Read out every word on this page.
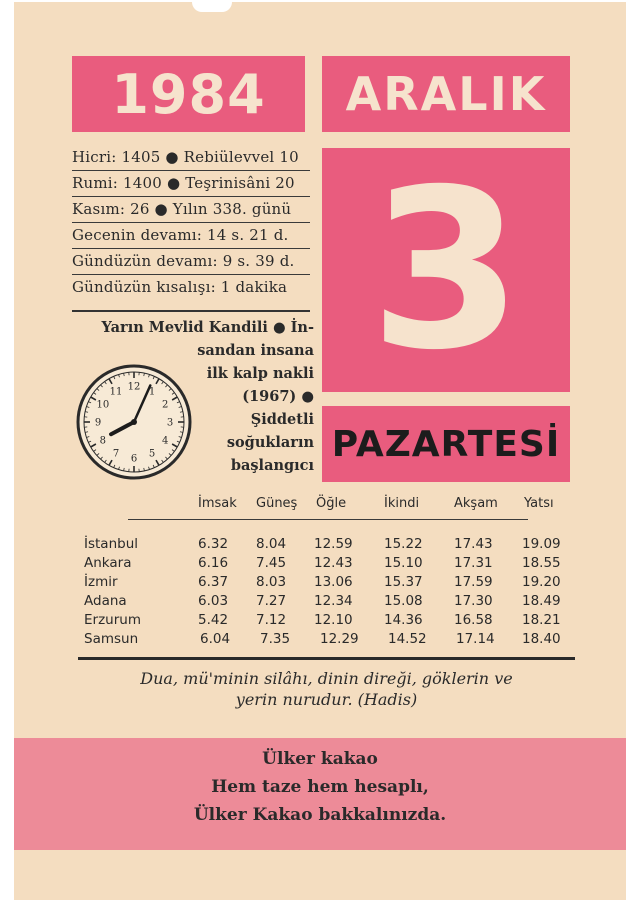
1984 ARALIK
3
PAZARTESİ
Hicri: 1405 ● Rebiülevvel 10
Rumi: 1400 ● Teşrinisâni 20
Kasım: 26 ● Yılın 338. günü
Gecenin devamı: 14 s. 21 d.
Gündüzün devamı: 9 s. 39 d.
Gündüzün kısalışı: 1 dakika
Yarın Mevlid Kandili ● İn-
sandan insana ilk kalp nakli (1967) ● Şiddetli soğukların başlangıcı
12 1
2
3
4
5
6
7
8
9
10
11
İmsak Güneş Öğle	İkindi	Akşam Yatsı
İstanbul	6.32 8.04 12.59 15.22 17.43 19.09
Ankara	6.16 7.45 12.43 15.10 17.31 18.55
İzmir	6.37 8.03 13.06 15.37 17.59 19.20
Adana	6.03 7.27 12.34 15.08 17.30 18.49
Erzurum	5.42 7.12 12.10 14.36 16.58 18.21
Samsun	6.04 7.35 12.29 14.52 17.14 18.40
Dua, mü'minin silâhı, dinin direği, göklerin ve
yerin nurudur. (Hadis)
Ülker kakao
Hem taze hem hesaplı,
Ülker Kakao bakkalınızda.
